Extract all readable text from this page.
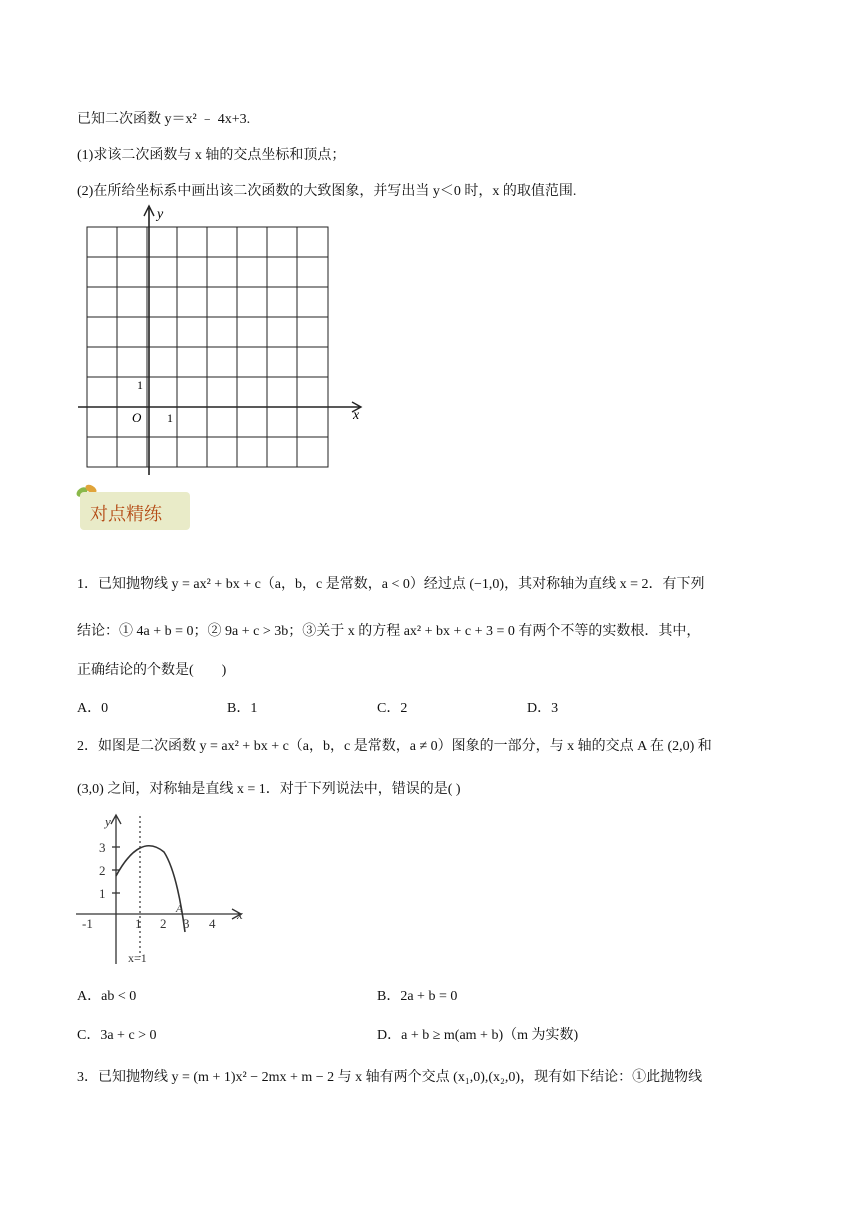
已知二次函数 y＝x² ﹣ 4x+3.
(1)求该二次函数与 x 轴的交点坐标和顶点；
(2)在所给坐标系中画出该二次函数的大致图象，并写出当 y＜0 时，x 的取值范围.
y
x
O 1
1
对点精练
1．已知抛物线 y = ax² + bx + c（a，b，c 是常数，a < 0）经过点 (−1,0)，其对称轴为直线 x = 2．有下列
结论：① 4a + b = 0；② 9a + c > 3b；③关于 x 的方程 ax² + bx + c + 3 = 0 有两个不等的实数根．其中，
正确结论的个数是(　　)
A．0	B．1	C．2	D．3
2．如图是二次函数 y = ax² + bx + c（a，b，c 是常数，a ≠ 0）图象的一部分，与 x 轴的交点 A 在 (2,0) 和
(3,0) 之间，对称轴是直线 x = 1．对于下列说法中，错误的是( )
y
x
3
2
1
-1	1 2 3 4
A
x=1
A．ab < 0	B．2a + b = 0
C．3a + c > 0	D．a + b ≥ m(am + b)（m 为实数)
3．已知抛物线 y = (m + 1)x² − 2mx + m − 2 与 x 轴有两个交点 (x₁,0),(x₂,0)，现有如下结论：①此抛物线
